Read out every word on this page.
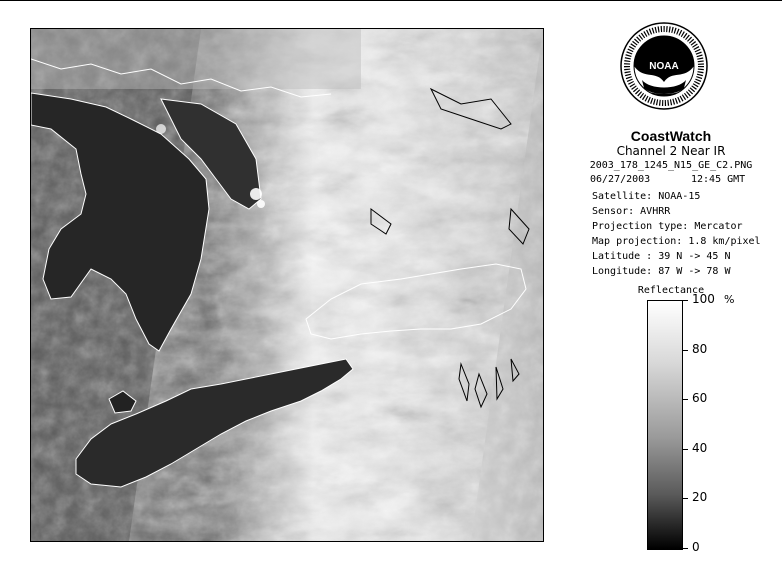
NOAA
CoastWatch
Channel 2 Near IR
2003_178_1245_N15_GE_C2.PNG
06/27/2003	12:45 GMT
Satellite: NOAA-15
Sensor: AVHRR
Projection type: Mercator
Map projection: 1.8 km/pixel
Latitude : 39 N -> 45 N
Longitude: 87 W -> 78 W
Reflectance
%
100
80
60
40
20
0
